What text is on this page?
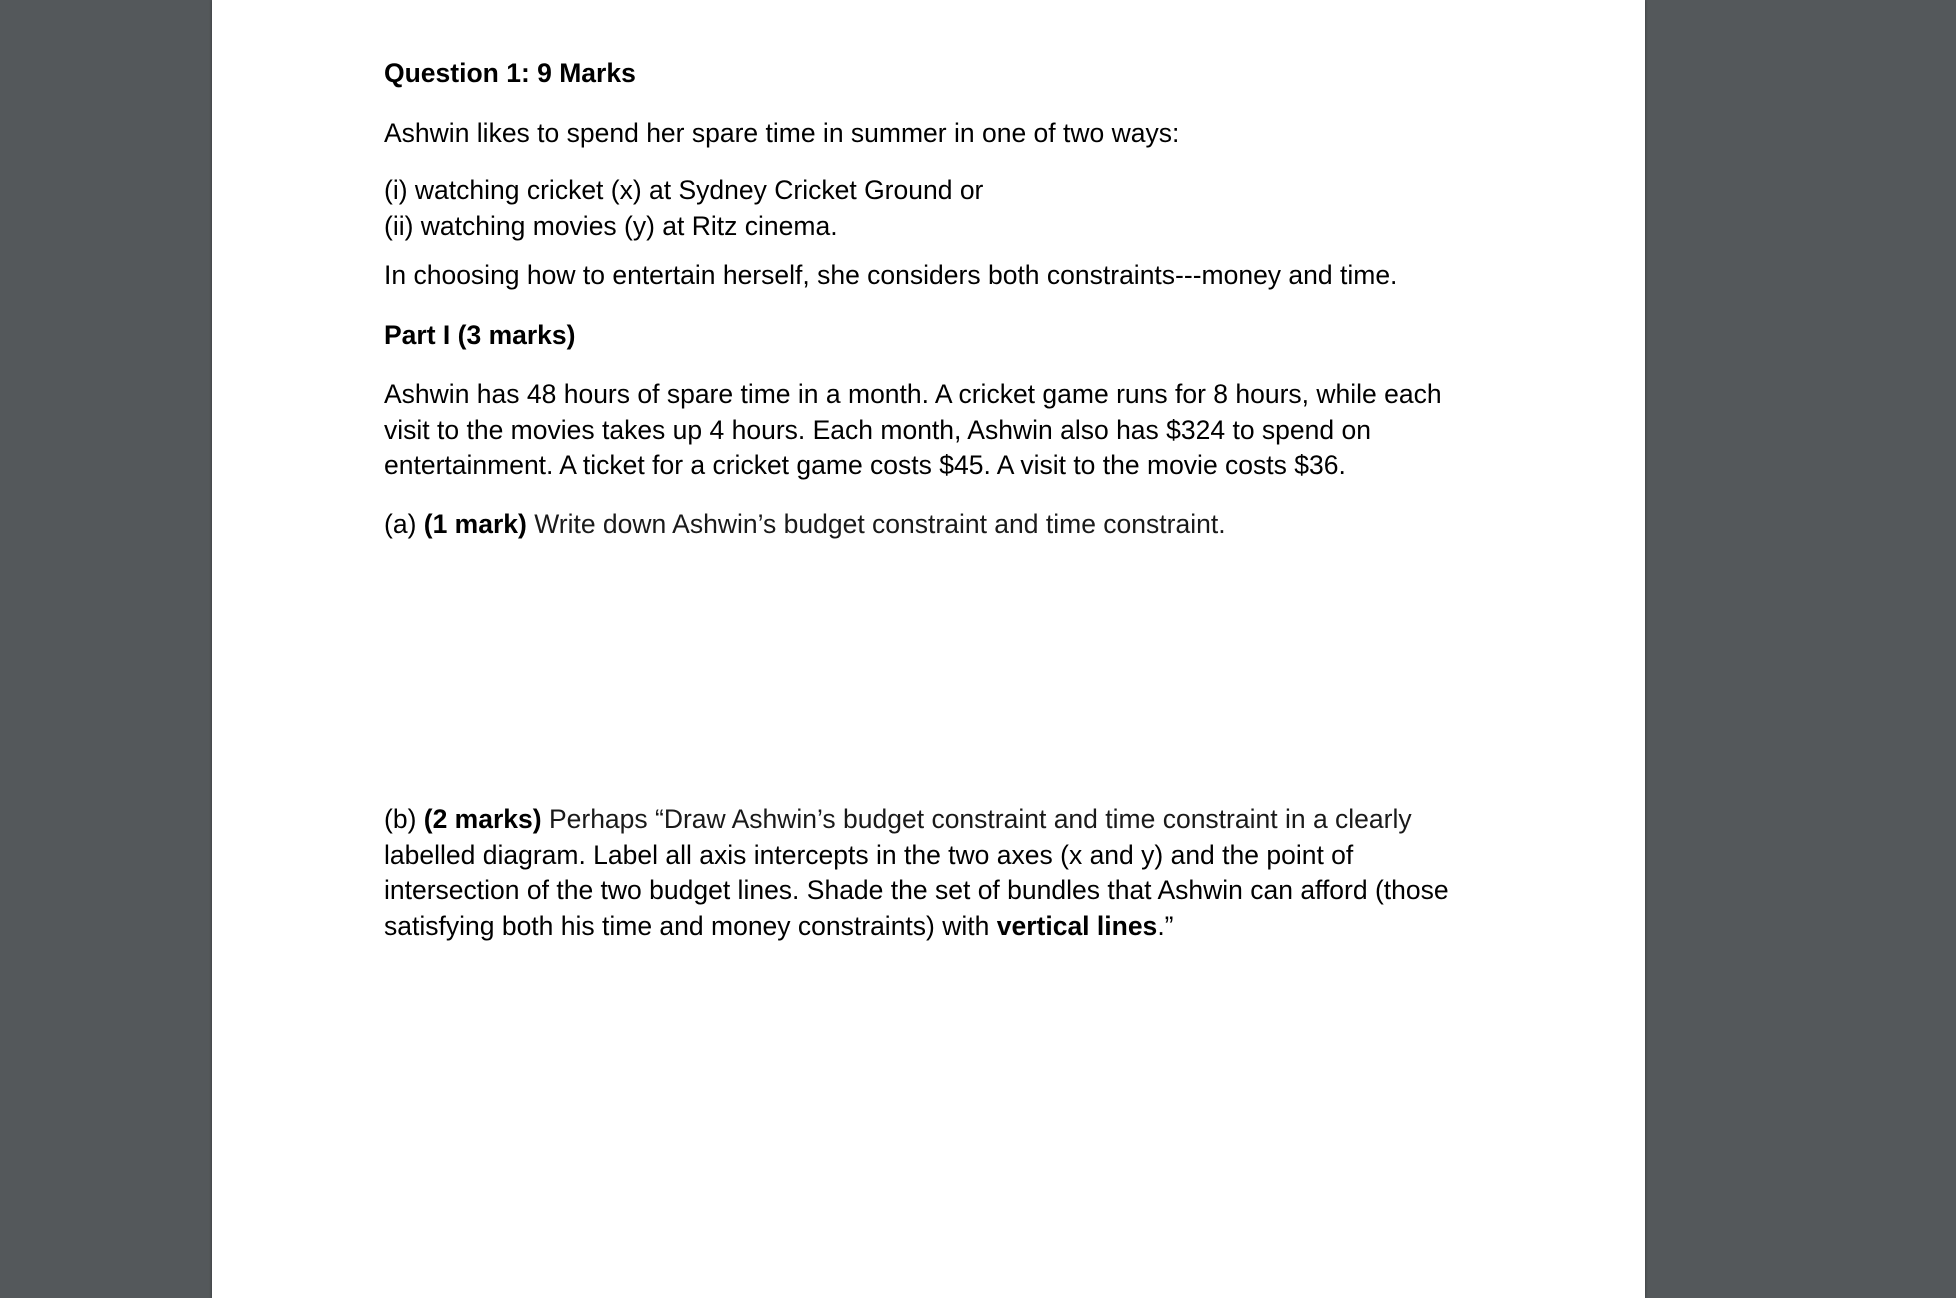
Question 1: 9 Marks

Ashwin likes to spend her spare time in summer in one of two ways:

(i) watching cricket (x) at Sydney Cricket Ground or

(ii) watching movies (y) at Ritz cinema.

In choosing how to entertain herself, she considers both constraints---money and time.

Part I (3 marks)

Ashwin has 48 hours of spare time in a month. A cricket game runs for 8 hours, while each

visit to the movies takes up 4 hours. Each month, Ashwin also has $324 to spend on

entertainment. A ticket for a cricket game costs $45. A visit to the movie costs $36.

(a) (1 mark) Write down Ashwin’s budget constraint and time constraint.

(b) (2 marks) Perhaps “Draw Ashwin’s budget constraint and time constraint in a clearly

labelled diagram. Label all axis intercepts in the two axes (x and y) and the point of

intersection of the two budget lines. Shade the set of bundles that Ashwin can afford (those

satisfying both his time and money constraints) with vertical lines.”
